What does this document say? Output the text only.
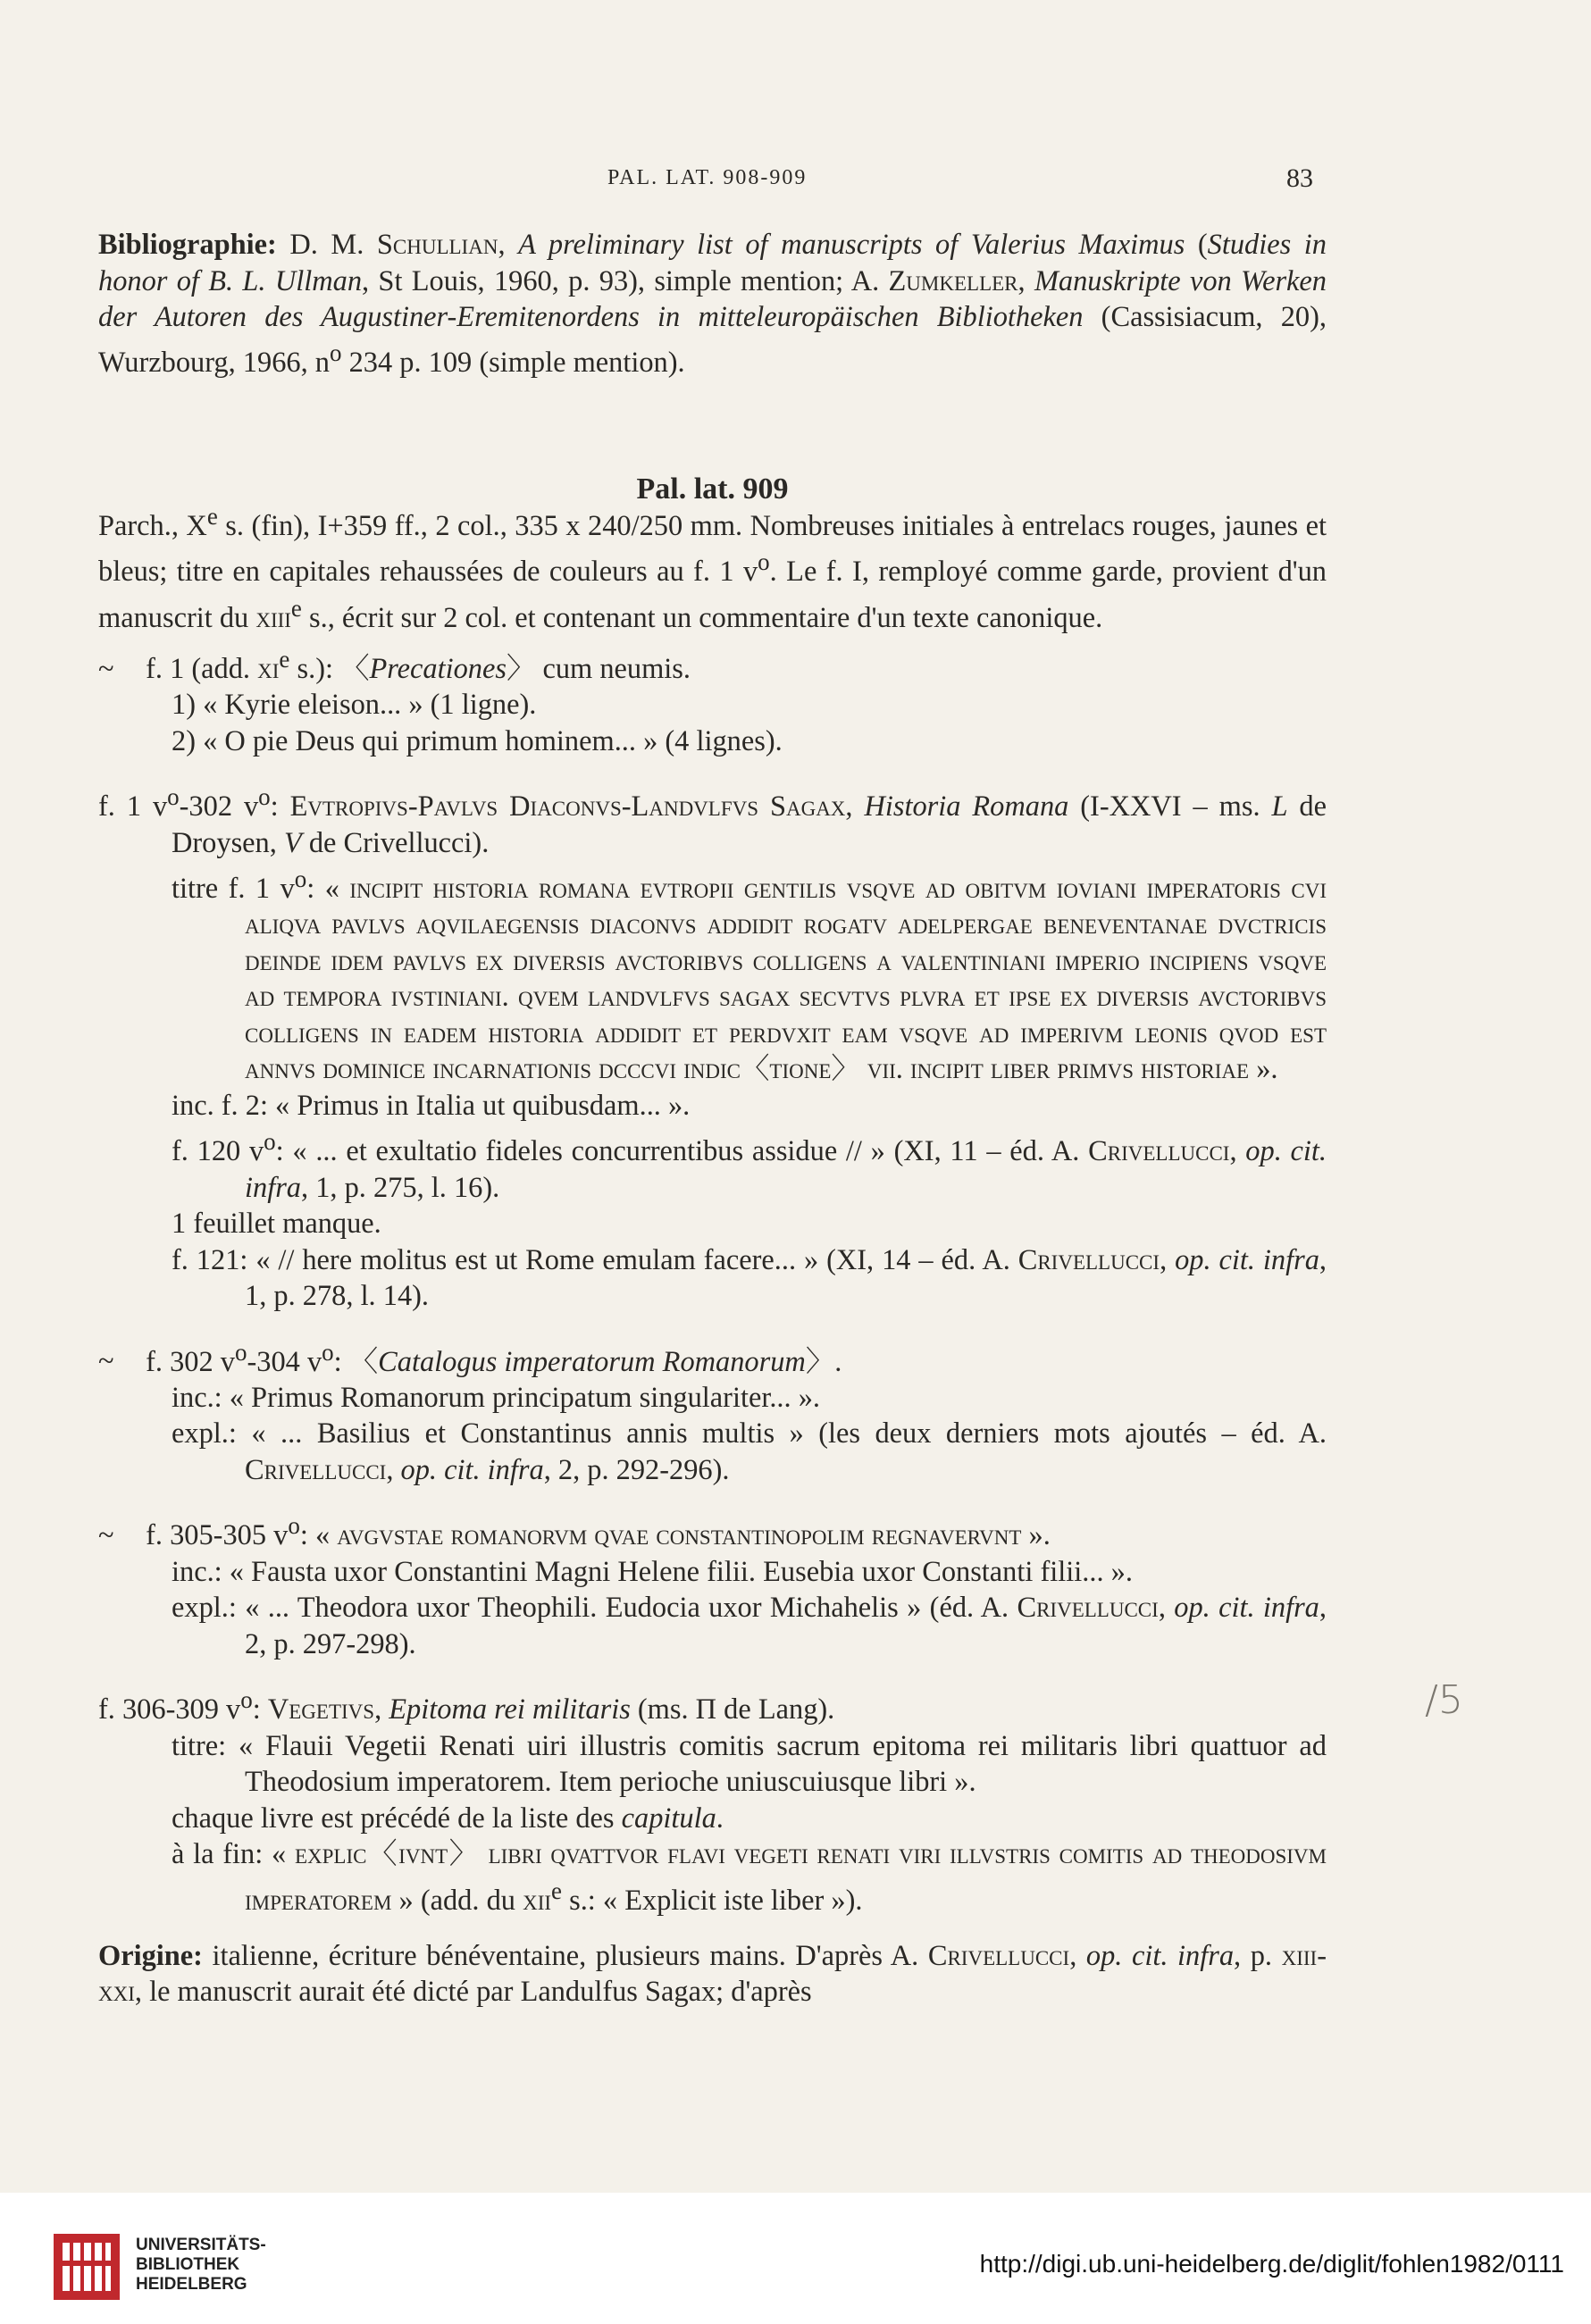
PAL. LAT. 908-909	83

Bibliographie: D. M. Schullian, A preliminary list of manuscripts of Valerius Maximus (Studies in honor of B. L. Ullman, St Louis, 1960, p. 93), simple mention; A. Zumkeller, Manuskripte von Werken der Autoren des Augustiner-Eremitenordens in mitteleuropäischen Bibliotheken (Cassisiacum, 20), Wurzbourg, 1966, $n^o$ 234 p. 109 (simple mention).

Pal. lat. 909

Parch., Xe s. (fin), I+359 ff., 2 col., 335 x 240/250 mm. Nombreuses initiales à entrelacs rouges, jaunes et bleus; titre en capitales rehaussées de couleurs au f. 1 $v^o$. Le f. I, remployé comme garde, provient d'un manuscrit du xiii$^e$ s., écrit sur 2 col. et contenant un commentaire d'un texte canonique.

~ f. 1 (add. $xi^e$ s.): 〈Precationes〉 cum neumis.

1) « Kyrie eleison... » (1 ligne).

2) « O pie Deus qui primum hominem... » (4 lignes).

f. 1 $v^o-302$ $v^o$: Evtropivs-Pavlvs Diaconvs-Landvlfvs Sagax, Historia Romana (I-XXVI – ms. L de Droysen, V de Crivellucci).

titre f. 1 $v^o$: « incipit historia romana evtropii gentilis vsqve ad obitvm ioviani imperatoris cvi aliqva pavlvs aqvilaegensis diaconvs addidit rogatv adelpergae beneventanae dvctricis deinde idem pavlvs ex diversis avctoribvs colligens a valentiniani imperio incipiens vsqve ad tempora ivstiniani. qvem landvlfvs sagax secvtvs plvra et ipse ex diversis avctoribvs colligens in eadem historia addidit et perdvxit eam vsqve ad imperivm leonis qvod est annvs dominice incarnationis dcccvi indic〈tione〉 vii. incipit liber primvs historiae ».

inc. f. 2: « Primus in Italia ut quibusdam... ».

f. 120 $v^o$: « ... et exultatio fideles concurrentibus assidue // » (XI, 11 – éd. A. Crivellucci, op. cit. infra, 1, p. 275, l. 16).

1 feuillet manque.

f. 121: « // here molitus est ut Rome emulam facere... » (XI, 14 – éd. A. Crivellucci, op. cit. infra, 1, p. 278, l. 14).

~ f. 302 $v^o-304$ $v^o$: 〈Catalogus imperatorum Romanorum〉.

inc.: « Primus Romanorum principatum singulariter... ».

expl.: « ... Basilius et Constantinus annis multis » (les deux derniers mots ajoutés – éd. A. Crivellucci, op. cit. infra, 2, p. 292-296).

~ f. 305-305 $v^o$: « avgvstae romanorvm qvae constantinopolim regnavervnt ».

inc.: « Fausta uxor Constantini Magni Helene filii. Eusebia uxor Constanti filii... ».

expl.: « ... Theodora uxor Theophili. Eudocia uxor Michahelis » (éd. A. Crivellucci, op. cit. infra, 2, p. 297-298).

f. 306-309 $v^o$: Vegetivs, Epitoma rei militaris (ms. Π de Lang).

titre: « Flauii Vegetii Renati uiri illustris comitis sacrum epitoma rei militaris libri quattuor ad Theodosium imperatorem. Item perioche uniuscuiusque libri ».

chaque livre est précédé de la liste des capitula.

à la fin: « explic〈ivnt〉 libri qvattvor flavi vegeti renati viri illvstris comitis ad theodosivm imperatorem » (add. du xii$^e$ s.: « Explicit iste liber »).

Origine: italienne, écriture bénéventaine, plusieurs mains. D'après A. Crivellucci, op. cit. infra, p. xiii-xxi, le manuscrit aurait été dicté par Landulfus Sagax; d'après

/5
UNIVERSITÄTS-
BIBLIOTHEK
HEIDELBERG
http://digi.ub.uni-heidelberg.de/diglit/fohlen1982/0111
